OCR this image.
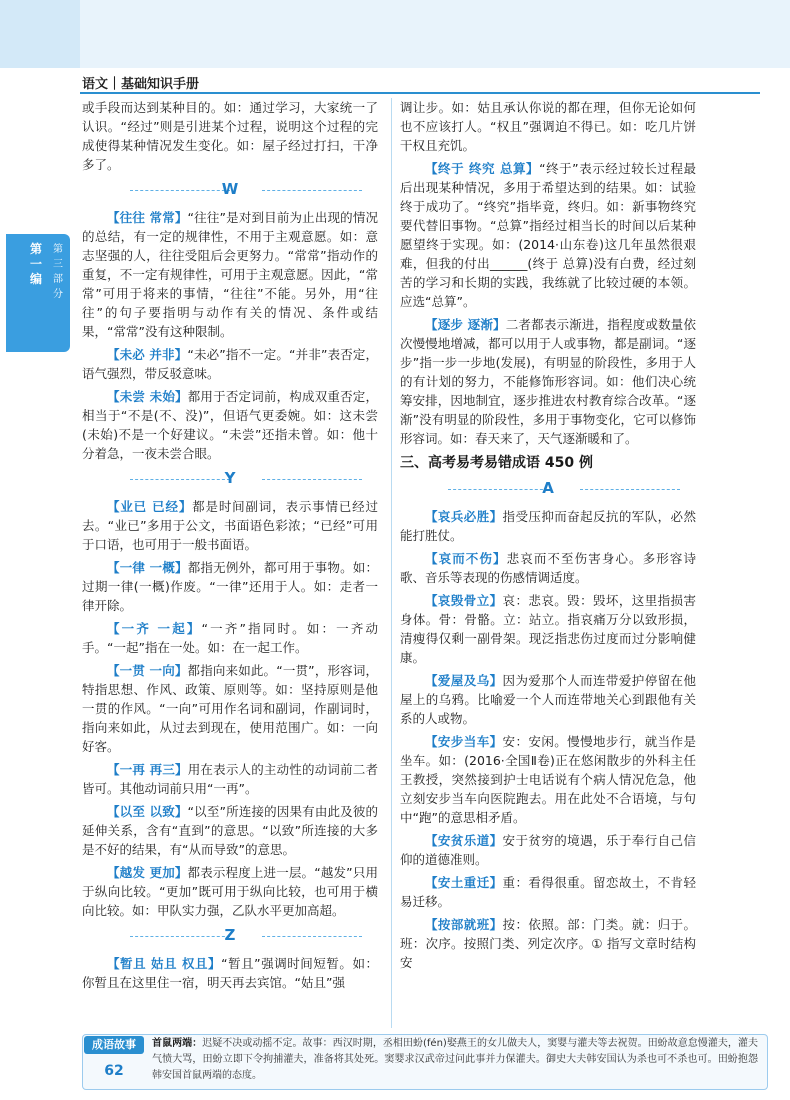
语文｜基础知识手册
第一编
第三部分

或手段而达到某种目的。如：通过学习，大家统一了认识。“经过”则是引进某个过程，说明这个过程的完成使得某种情况发生变化。如：屋子经过打扫，干净多了。

W

【往往 常常】“往往”是对到目前为止出现的情况的总结，有一定的规律性，不用于主观意愿。如：意志坚强的人，往往受阻后会更努力。“常常”指动作的重复，不一定有规律性，可用于主观意愿。因此，“常常”可用于将来的事情，“往往”不能。另外，用“往往”的句子要指明与动作有关的情况、条件或结果，“常常”没有这种限制。

【未必 并非】“未必”指不一定。“并非”表否定，语气强烈，带反驳意味。

【未尝 未始】都用于否定词前，构成双重否定，相当于“不是(不、没)”，但语气更委婉。如：这未尝(未始)不是一个好建议。“未尝”还指未曾。如：他十分着急，一夜未尝合眼。

Y

【业已 已经】都是时间副词，表示事情已经过去。“业已”多用于公文，书面语色彩浓；“已经”可用于口语，也可用于一般书面语。

【一律 一概】都指无例外，都可用于事物。如：过期一律(一概)作废。“一律”还用于人。如：走者一律开除。

【一齐 一起】“一齐”指同时。如：一齐动手。“一起”指在一处。如：在一起工作。

【一贯 一向】都指向来如此。“一贯”，形容词，特指思想、作风、政策、原则等。如：坚持原则是他一贯的作风。“一向”可用作名词和副词，作副词时，指向来如此，从过去到现在，使用范围广。如：一向好客。

【一再 再三】用在表示人的主动性的动词前二者皆可。其他动词前只用“一再”。

【以至 以致】“以至”所连接的因果有由此及彼的延伸关系，含有“直到”的意思。“以致”所连接的大多是不好的结果，有“从而导致”的意思。

【越发 更加】都表示程度上进一层。“越发”只用于纵向比较。“更加”既可用于纵向比较，也可用于横向比较。如：甲队实力强，乙队水平更加高超。

Z

【暂且 姑且 权且】“暂且”强调时间短暂。如：你暂且在这里住一宿，明天再去宾馆。“姑且”强

调让步。如：姑且承认你说的都在理，但你无论如何也不应该打人。“权且”强调迫不得已。如：吃几片饼干权且充饥。

【终于 终究 总算】“终于”表示经过较长过程最后出现某种情况，多用于希望达到的结果。如：试验终于成功了。“终究”指毕竟，终归。如：新事物终究要代替旧事物。“总算”指经过相当长的时间以后某种愿望终于实现。如：(2014·山东卷)这几年虽然很艰难，但我的付出______(终于 总算)没有白费，经过刻苦的学习和长期的实践，我练就了比较过硬的本领。应选“总算”。

【逐步 逐渐】二者都表示渐进，指程度或数量依次慢慢地增减，都可以用于人或事物，都是副词。“逐步”指一步一步地(发展)，有明显的阶段性，多用于人的有计划的努力，不能修饰形容词。如：他们决心统筹安排，因地制宜，逐步推进农村教育综合改革。“逐渐”没有明显的阶段性，多用于事物变化，它可以修饰形容词。如：春天来了，天气逐渐暖和了。

三、高考易考易错成语 450 例
A

【哀兵必胜】指受压抑而奋起反抗的军队，必然能打胜仗。

【哀而不伤】悲哀而不至伤害身心。多形容诗歌、音乐等表现的伤感情调适度。

【哀毁骨立】哀：悲哀。毁：毁坏，这里指损害身体。骨：骨骼。立：站立。指哀痛万分以致形损，清瘦得仅剩一副骨架。现泛指悲伤过度而过分影响健康。

【爱屋及乌】因为爱那个人而连带爱护停留在他屋上的乌鸦。比喻爱一个人而连带地关心到跟他有关系的人或物。

【安步当车】安：安闲。慢慢地步行，就当作是坐车。如：(2016·全国Ⅱ卷)正在悠闲散步的外科主任王教授，突然接到护士电话说有个病人情况危急，他立刻安步当车向医院跑去。用在此处不合语境，与句中“跑”的意思相矛盾。

【安贫乐道】安于贫穷的境遇，乐于奉行自己信仰的道德准则。

【安土重迁】重：看得很重。留恋故土，不肯轻易迁移。

【按部就班】按：依照。部：门类。就：归于。班：次序。按照门类、列定次序。① 指写文章时结构安

成语故事
62
首鼠两端：迟疑不决或动摇不定。故事：西汉时期，丞相田蚡(fén)娶燕王的女儿做夫人，窦婴与灌夫等去祝贺。田蚡故意怠慢灌夫，灌夫气愤大骂，田蚡立即下令拘捕灌夫，准备将其处死。窦婴求汉武帝过问此事并力保灌夫。御史大夫韩安国认为杀也可不杀也可。田蚡抱怨韩安国首鼠两端的态度。
